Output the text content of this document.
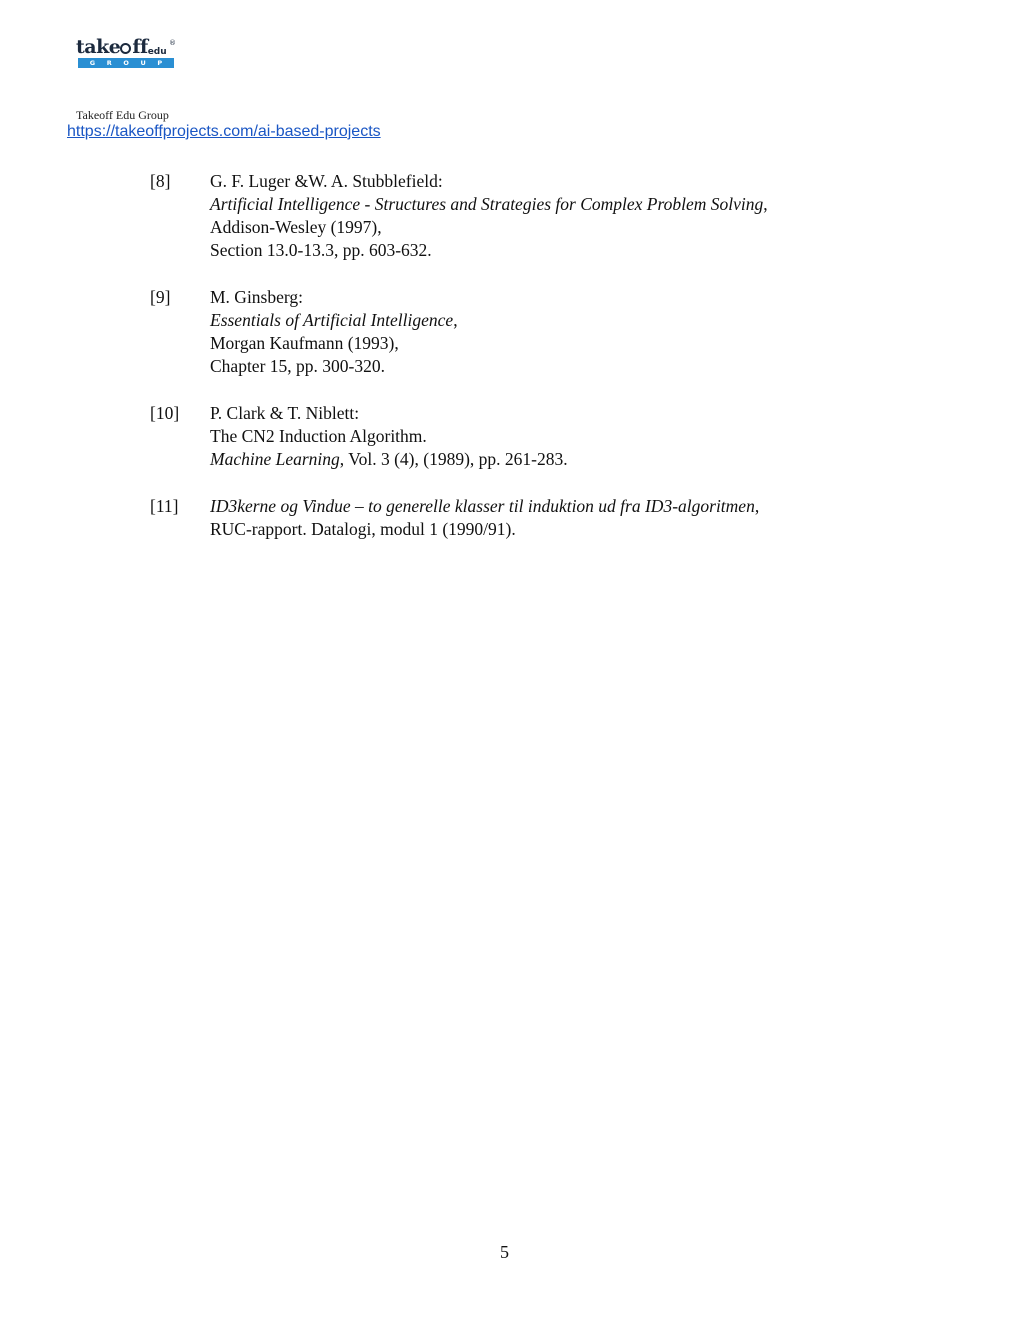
take ffedu
®
G R O U P
Takeoff Edu Group
https://takeoffprojects.com/ai-based-projects
[8] G. F. Luger &W. A. Stubblefield:
Artificial Intelligence - Structures and Strategies for Complex Problem Solving,
Addison-Wesley (1997),
Section 13.0-13.3, pp. 603-632.
[9] M. Ginsberg:
Essentials of Artificial Intelligence,
Morgan Kaufmann (1993),
Chapter 15, pp. 300-320.
[10] P. Clark & T. Niblett:
The CN2 Induction Algorithm.
Machine Learning, Vol. 3 (4), (1989), pp. 261-283.
[11] ID3kerne og Vindue – to generelle klasser til induktion ud fra ID3-algoritmen,
RUC-rapport. Datalogi, modul 1 (1990/91).
5
